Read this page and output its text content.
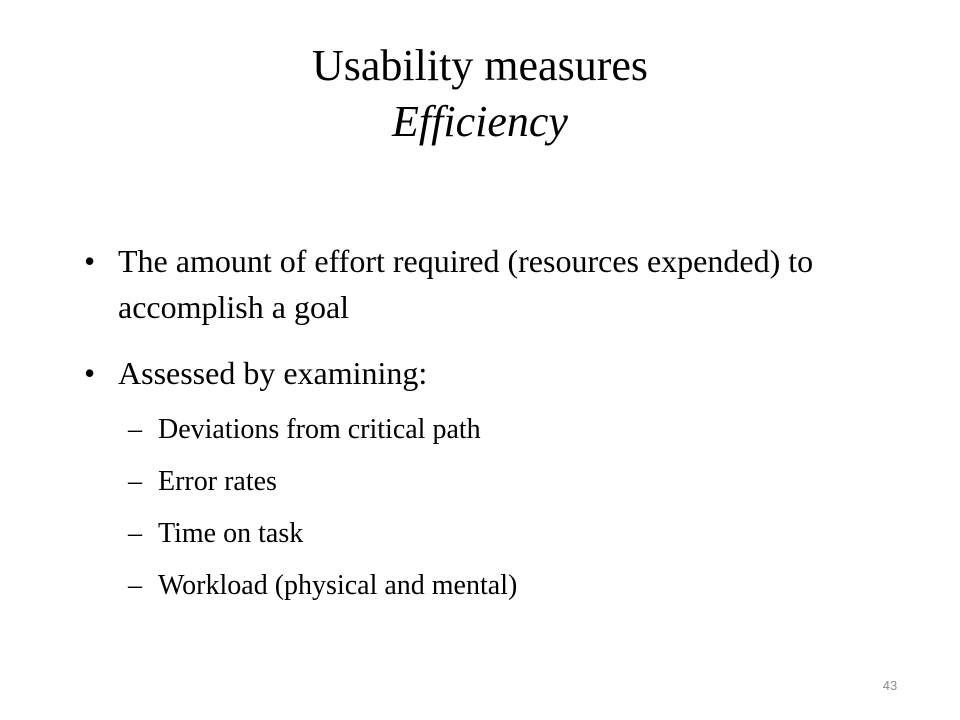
Usability measures
Efficiency
• The amount of effort required (resources expended) to accomplish a goal
• Assessed by examining:
– Deviations from critical path
– Error rates
– Time on task
– Workload (physical and mental)
43
